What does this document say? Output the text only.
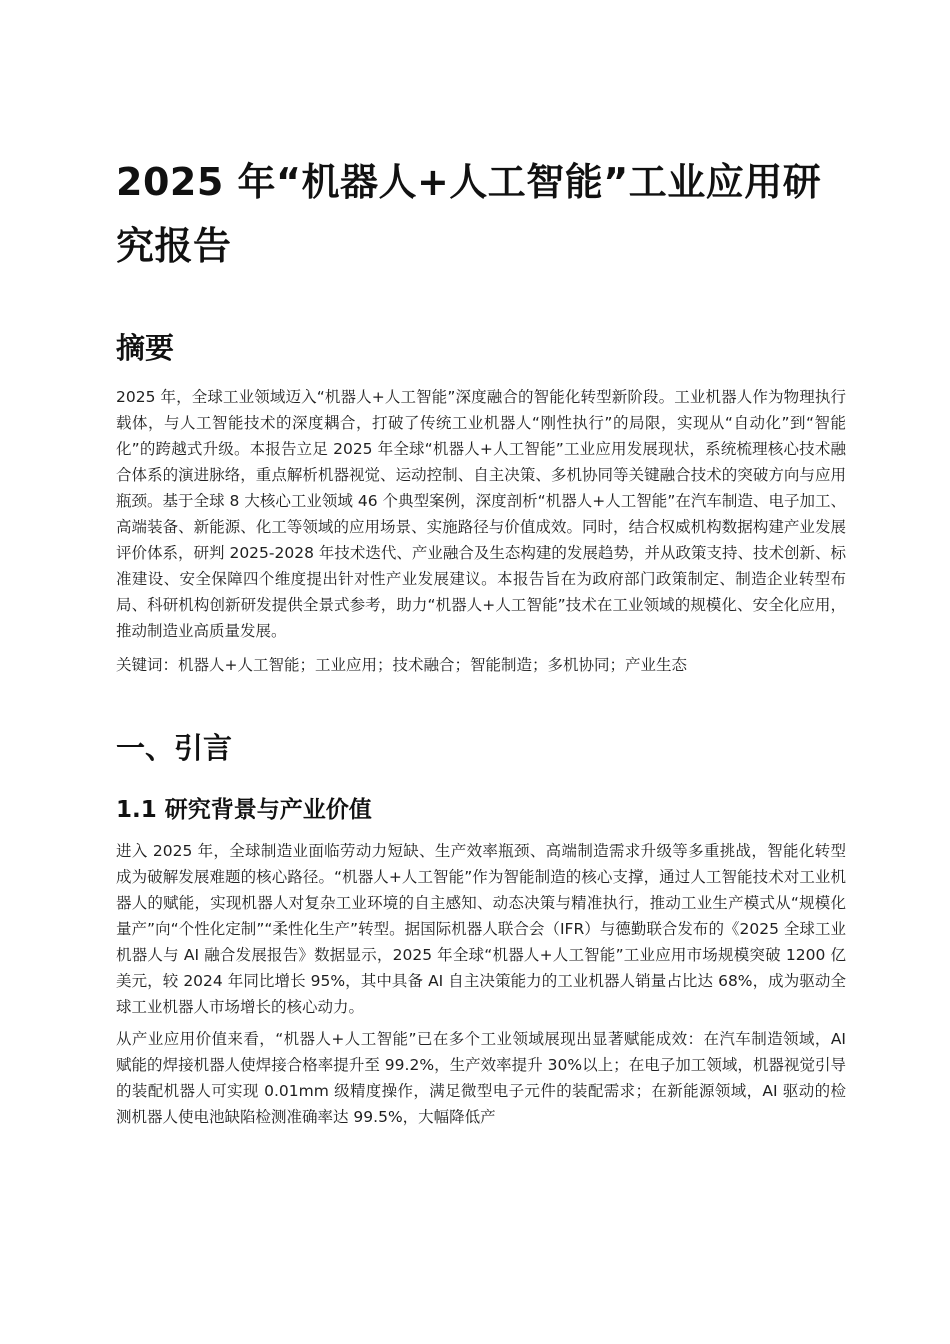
2025 年“机器人+人工智能”工业应用研究报告
摘要

2025 年，全球工业领域迈入“机器人+人工智能”深度融合的智能化转型新阶段。工业机器人作为物理执行载体，与人工智能技术的深度耦合，打破了传统工业机器人“刚性执行”的局限，实现从“自动化”到“智能化”的跨越式升级。本报告立足 2025 年全球“机器人+人工智能”工业应用发展现状，系统梳理核心技术融合体系的演进脉络，重点解析机器视觉、运动控制、自主决策、多机协同等关键融合技术的突破方向与应用瓶颈。基于全球 8 大核心工业领域 46 个典型案例，深度剖析“机器人+人工智能”在汽车制造、电子加工、高端装备、新能源、化工等领域的应用场景、实施路径与价值成效。同时，结合权威机构数据构建产业发展评价体系，研判 2025-2028 年技术迭代、产业融合及生态构建的发展趋势，并从政策支持、技术创新、标准建设、安全保障四个维度提出针对性产业发展建议。本报告旨在为政府部门政策制定、制造企业转型布局、科研机构创新研发提供全景式参考，助力“机器人+人工智能”技术在工业领域的规模化、安全化应用，推动制造业高质量发展。

关键词：机器人+人工智能；工业应用；技术融合；智能制造；多机协同；产业生态

一、引言
1.1 研究背景与产业价值

进入 2025 年，全球制造业面临劳动力短缺、生产效率瓶颈、高端制造需求升级等多重挑战，智能化转型成为破解发展难题的核心路径。“机器人+人工智能”作为智能制造的核心支撑，通过人工智能技术对工业机器人的赋能，实现机器人对复杂工业环境的自主感知、动态决策与精准执行，推动工业生产模式从“规模化量产”向“个性化定制”“柔性化生产”转型。据国际机器人联合会（IFR）与德勤联合发布的《2025 全球工业机器人与 AI 融合发展报告》数据显示，2025 年全球“机器人+人工智能”工业应用市场规模突破 1200 亿美元，较 2024 年同比增长 95%，其中具备 AI 自主决策能力的工业机器人销量占比达 68%，成为驱动全球工业机器人市场增长的核心动力。

从产业应用价值来看，“机器人+人工智能”已在多个工业领域展现出显著赋能成效：在汽车制造领域，AI 赋能的焊接机器人使焊接合格率提升至 99.2%，生产效率提升 30%以上；在电子加工领域，机器视觉引导的装配机器人可实现 0.01mm 级精度操作，满足微型电子元件的装配需求；在新能源领域，AI 驱动的检测机器人使电池缺陷检测准确率达 99.5%，大幅降低产
